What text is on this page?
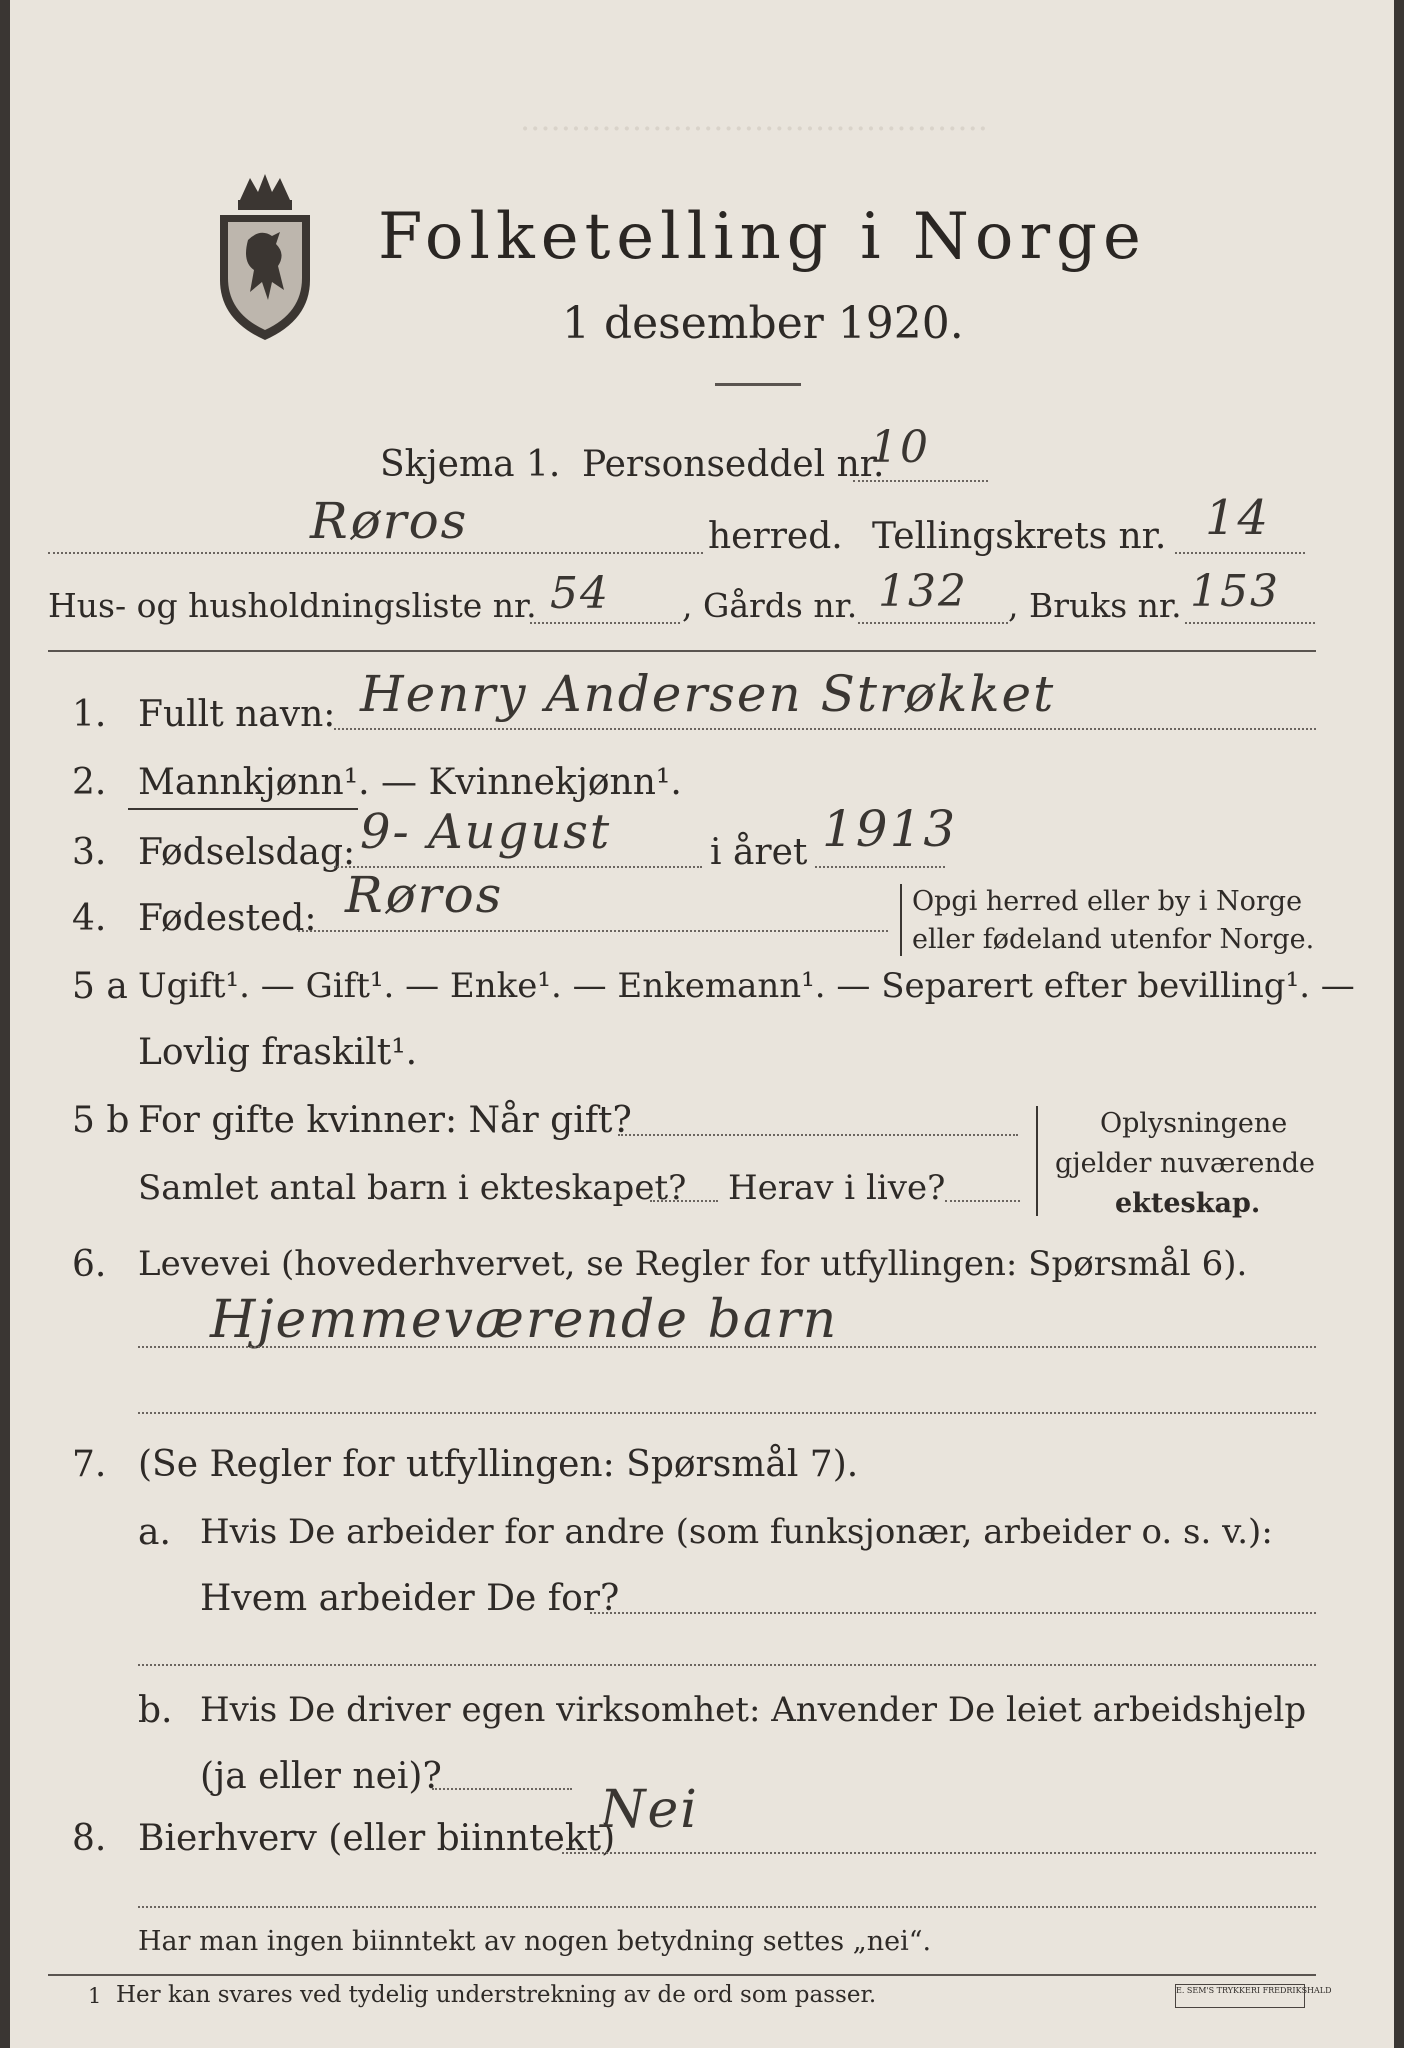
..............................................
Folketelling i Norge
1 desember 1920.
Skjema 1. Personseddel nr.
10
Røros	herred. Tellingskrets nr. 14
Hus- og husholdningsliste nr. 54 , Gårds nr. 132 , Bruks nr. 153
1. Fullt navn: Henry Andersen Strøkket
2. Mannkjønn¹. — Kvinnekjønn¹.
3. Fødselsdag: 9- August	i året 1913
4. Fødested: Røros	Opgi herred eller by i Norge
eller fødeland utenfor Norge.
5 a Ugift¹. — Gift¹. — Enke¹. — Enkemann¹. — Separert efter bevilling¹. —
Lovlig fraskilt¹.
5 b For gifte kvinner: Når gift?
Samlet antal barn i ekteskapet? Herav i live?
Oplysningene
gjelder nuværende
ekteskap.
6. Levevei (hovederhvervet, se Regler for utfyllingen: Spørsmål 6).
Hjemmeværende barn
7. (Se Regler for utfyllingen: Spørsmål 7).
a. Hvis De arbeider for andre (som funksjonær, arbeider o. s. v.):
Hvem arbeider De for?
b. Hvis De driver egen virksomhet: Anvender De leiet arbeidshjelp
(ja eller nei)?
8. Bierhverv (eller biinntekt)
Nei
Har man ingen biinntekt av nogen betydning settes „nei“.
1 Her kan svares ved tydelig understrekning av de ord som passer.	E. SEM'S TRYKKERI FREDRIKSHALD
